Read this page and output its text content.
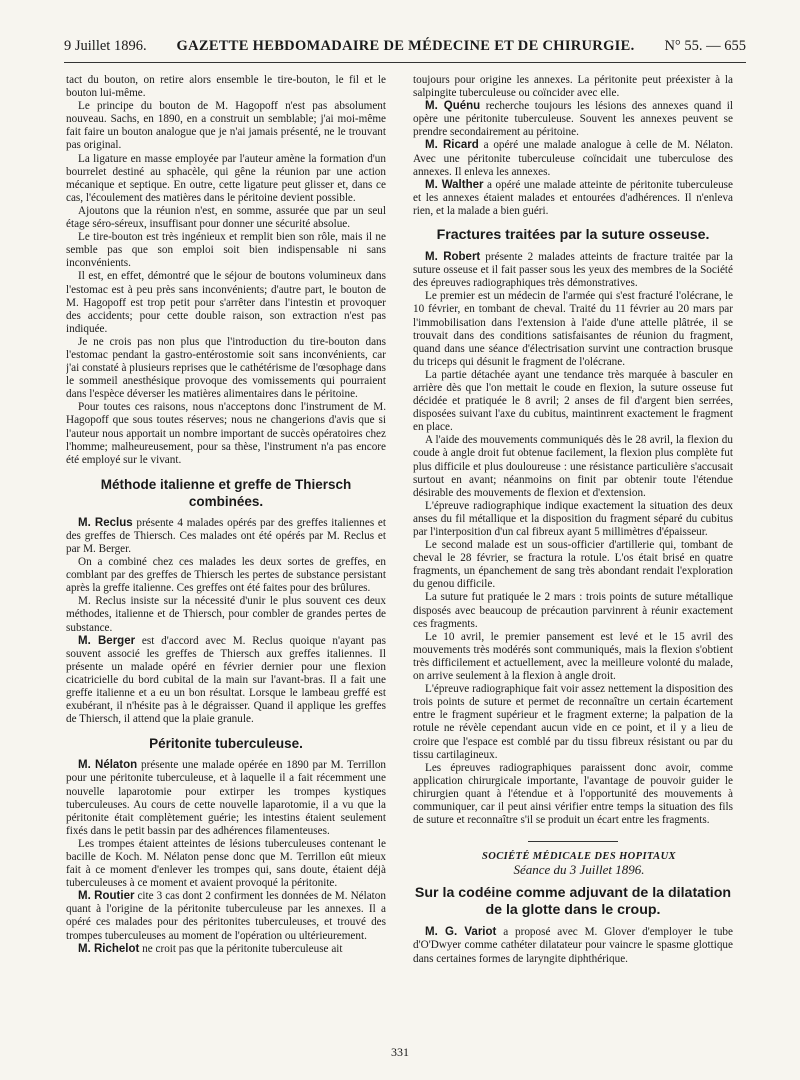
9 Juillet 1896. GAZETTE HEBDOMADAIRE DE MÉDECINE ET DE CHIRURGIE. N° 55. — 655

tact du bouton, on retire alors ensemble le tire-bouton, le fil et le bouton lui-même.

Le principe du bouton de M. Hagopoff n'est pas absolument nouveau. Sachs, en 1890, en a construit un semblable; j'ai moi-même fait faire un bouton analogue que je n'ai jamais présenté, ne le trouvant pas original.

La ligature en masse employée par l'auteur amène la formation d'un bourrelet destiné au sphacèle, qui gêne la réunion par une action mécanique et septique. En outre, cette ligature peut glisser et, dans ce cas, l'écoulement des matières dans le péritoine devient possible.

Ajoutons que la réunion n'est, en somme, assurée que par un seul étage séro-séreux, insuffisant pour donner une sécurité absolue.

Le tire-bouton est très ingénieux et remplit bien son rôle, mais il ne semble pas que son emploi soit bien indispensable ni sans inconvénients.

Il est, en effet, démontré que le séjour de boutons volumineux dans l'estomac est à peu près sans inconvénients; d'autre part, le bouton de M. Hagopoff est trop petit pour s'arrêter dans l'intestin et provoquer des accidents; pour cette double raison, son extraction n'est pas indiquée.

Je ne crois pas non plus que l'introduction du tire-bouton dans l'estomac pendant la gastro-entérostomie soit sans inconvénients, car j'ai constaté à plusieurs reprises que le cathétérisme de l'œsophage dans le sommeil anesthésique provoque des vomissements qui pourraient dans l'espèce déverser les matières alimentaires dans le péritoine.

Pour toutes ces raisons, nous n'acceptons donc l'instrument de M. Hagopoff que sous toutes réserves; nous ne changerions d'avis que si l'auteur nous apportait un nombre important de succès opératoires chez l'homme; malheureusement, pour sa thèse, l'instrument n'a pas encore été employé sur le vivant.

Méthode italienne et greffe de Thiersch combinées.

M. Reclus présente 4 malades opérés par des greffes italiennes et des greffes de Thiersch. Ces malades ont été opérés par M. Reclus et par M. Berger.

On a combiné chez ces malades les deux sortes de greffes, en comblant par des greffes de Thiersch les pertes de substance persistant après la greffe italienne. Ces greffes ont été faites pour des brûlures.

M. Reclus insiste sur la nécessité d'unir le plus souvent ces deux méthodes, italienne et de Thiersch, pour combler de grandes pertes de substance.

M. Berger est d'accord avec M. Reclus quoique n'ayant pas souvent associé les greffes de Thiersch aux greffes italiennes. Il présente un malade opéré en février dernier pour une flexion cicatricielle du bord cubital de la main sur l'avant-bras. Il a fait une greffe italienne et a eu un bon résultat. Lorsque le lambeau greffé est exubérant, il n'hésite pas à le dégraisser. Quand il applique les greffes de Thiersch, il attend que la plaie granule.

Péritonite tuberculeuse.

M. Nélaton présente une malade opérée en 1890 par M. Terrillon pour une péritonite tuberculeuse, et à laquelle il a fait récemment une nouvelle laparotomie pour extirper les trompes kystiques tuberculeuses. Au cours de cette nouvelle laparotomie, il a vu que la péritonite était complètement guérie; les intestins étaient seulement fixés dans le petit bassin par des adhérences filamenteuses.

Les trompes étaient atteintes de lésions tuberculeuses contenant le bacille de Koch. M. Nélaton pense donc que M. Terrillon eût mieux fait à ce moment d'enlever les trompes qui, sans doute, étaient déjà tuberculeuses à ce moment et avaient provoqué la péritonite.

M. Routier cite 3 cas dont 2 confirment les données de M. Nélaton quant à l'origine de la péritonite tuberculeuse par les annexes. Il a opéré ces malades pour des péritonites tuberculeuses, et trouvé des trompes tuberculeuses au moment de l'opération ou ultérieurement.

M. Richelot ne croit pas que la péritonite tuberculeuse ait

toujours pour origine les annexes. La péritonite peut préexister à la salpingite tuberculeuse ou coïncider avec elle.

M. Quénu recherche toujours les lésions des annexes quand il opère une péritonite tuberculeuse. Souvent les annexes peuvent se prendre secondairement au péritoine.

M. Ricard a opéré une malade analogue à celle de M. Nélaton. Avec une péritonite tuberculeuse coïncidait une tuberculose des annexes. Il enleva les annexes.

M. Walther a opéré une malade atteinte de péritonite tuberculeuse et les annexes étaient malades et entourées d'adhérences. Il n'enleva rien, et la malade a bien guéri.

Fractures traitées par la suture osseuse.

M. Robert présente 2 malades atteints de fracture traitée par la suture osseuse et il fait passer sous les yeux des membres de la Société des épreuves radiographiques très démonstratives.

Le premier est un médecin de l'armée qui s'est fracturé l'olécrane, le 10 février, en tombant de cheval. Traité du 11 février au 20 mars par l'immobilisation dans l'extension à l'aide d'une attelle plâtrée, il se trouvait dans des conditions satisfaisantes de réunion du fragment, quand dans une séance d'électrisation survint une contraction brusque du triceps qui désunit le fragment de l'olécrane.

La partie détachée ayant une tendance très marquée à basculer en arrière dès que l'on mettait le coude en flexion, la suture osseuse fut décidée et pratiquée le 8 avril; 2 anses de fil d'argent bien serrées, disposées suivant l'axe du cubitus, maintinrent exactement le fragment en place.

A l'aide des mouvements communiqués dès le 28 avril, la flexion du coude à angle droit fut obtenue facilement, la flexion plus complète fut plus difficile et plus douloureuse : une résistance particulière s'accusait surtout en avant; néanmoins on finit par obtenir toute l'étendue désirable des mouvements de flexion et d'extension.

L'épreuve radiographique indique exactement la situation des deux anses du fil métallique et la disposition du fragment séparé du cubitus par l'interposition d'un cal fibreux ayant 5 millimètres d'épaisseur.

Le second malade est un sous-officier d'artillerie qui, tombant de cheval le 28 février, se fractura la rotule. L'os était brisé en quatre fragments, un épanchement de sang très abondant rendait l'exploration du genou difficile.

La suture fut pratiquée le 2 mars : trois points de suture métallique disposés avec beaucoup de précaution parvinrent à réunir exactement ces fragments.

Le 10 avril, le premier pansement est levé et le 15 avril des mouvements très modérés sont communiqués, mais la flexion s'obtient très difficilement et actuellement, avec la meilleure volonté du malade, on arrive seulement à la flexion à angle droit.

L'épreuve radiographique fait voir assez nettement la disposition des trois points de suture et permet de reconnaître un certain écartement entre le fragment supérieur et le fragment externe; la palpation de la rotule ne révèle cependant aucun vide en ce point, et il y a lieu de croire que l'espace est comblé par du tissu fibreux résistant ou par du tissu cartilagineux.

Les épreuves radiographiques paraissent donc avoir, comme application chirurgicale importante, l'avantage de pouvoir guider le chirurgien quant à l'étendue et à l'opportunité des mouvements à communiquer, car il peut ainsi vérifier entre temps la situation des fils de suture et reconnaître s'il se produit un écart entre les fragments.

SOCIÉTÉ MÉDICALE DES HOPITAUX

Séance du 3 Juillet 1896.

Sur la codéine comme adjuvant de la dilatation de la glotte dans le croup.

M. G. Variot a proposé avec M. Glover d'employer le tube d'O'Dwyer comme cathéter dilatateur pour vaincre le spasme glottique dans certaines formes de laryngite diphthérique.

331
